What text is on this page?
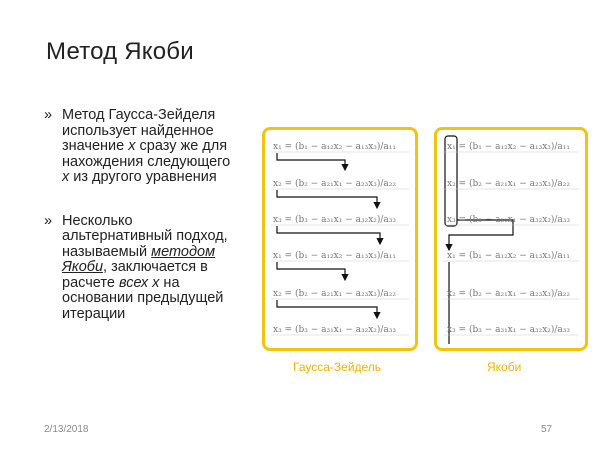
Метод Якоби
» Метод Гаусса-Зейделя
использует найденное
значение x сразу же для
нахождения следующего
x из другого уравнения
» Несколько
альтернативный подход,
называемый методом
Якоби, заключается в
расчете всех x на
основании предыдущей
итерации
x₁ = (b₁ − a₁₂x₂ − a₁₃x₃)/a₁₁
x₂ = (b₂ − a₂₁x₁ − a₂₃x₃)/a₂₂
x₃ = (b₃ − a₃₁x₁ − a₃₂x₂)/a₃₃
x₁ = (b₁ − a₁₂x₂ − a₁₃x₃)/a₁₁
x₂ = (b₂ − a₂₁x₁ − a₂₃x₃)/a₂₂
x₃ = (b₃ − a₃₁x₁ − a₃₂x₂)/a₃₃
x₁ = (b₁ − a₁₂x₂ − a₁₃x₃)/a₁₁
x₂ = (b₂ − a₂₁x₁ − a₂₃x₃)/a₂₂
x₃ = (b₃ − a₃₁x₁ − a₃₂x₂)/a₃₃
x₁ = (b₁ − a₁₂x₂ − a₁₃x₃)/a₁₁
x₂ = (b₂ − a₂₁x₁ − a₂₃x₃)/a₂₂
x₃ = (b₃ − a₃₁x₁ − a₃₂x₂)/a₃₃
Гаусса-Зейдель	Якоби
2/13/2018	57
